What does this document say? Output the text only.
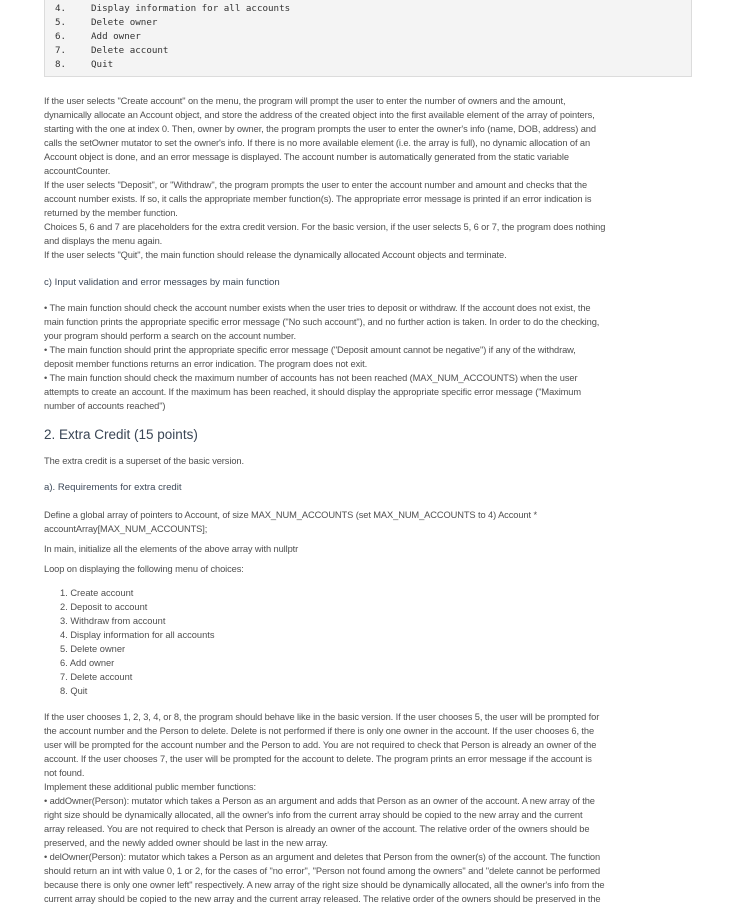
4.	Display information for all accounts
5.	Delete owner
6.	Add owner
7.	Delete account
8.	Quit
If the user selects "Create account" on the menu, the program will prompt the user to enter the number of owners and the amount,
dynamically allocate an Account object, and store the address of the created object into the first available element of the array of pointers,
starting with the one at index 0. Then, owner by owner, the program prompts the user to enter the owner's info (name, DOB, address) and
calls the setOwner mutator to set the owner's info. If there is no more available element (i.e. the array is full), no dynamic allocation of an
Account object is done, and an error message is displayed. The account number is automatically generated from the static variable
accountCounter.
If the user selects "Deposit", or "Withdraw", the program prompts the user to enter the account number and amount and checks that the
account number exists. If so, it calls the appropriate member function(s). The appropriate error message is printed if an error indication is
returned by the member function.
Choices 5, 6 and 7 are placeholders for the extra credit version. For the basic version, if the user selects 5, 6 or 7, the program does nothing
and displays the menu again.
If the user selects "Quit", the main function should release the dynamically allocated Account objects and terminate.

c) Input validation and error messages by main function

• The main function should check the account number exists when the user tries to deposit or withdraw. If the account does not exist, the
main function prints the appropriate specific error message ("No such account"), and no further action is taken. In order to do the checking,
your program should perform a search on the account number.
• The main function should print the appropriate specific error message ("Deposit amount cannot be negative") if any of the withdraw,
deposit member functions returns an error indication. The program does not exit.
• The main function should check the maximum number of accounts has not been reached (MAX_NUM_ACCOUNTS) when the user
attempts to create an account. If the maximum has been reached, it should display the appropriate specific error message ("Maximum
number of accounts reached")

2. Extra Credit (15 points)

The extra credit is a superset of the basic version.

a). Requirements for extra credit

Define a global array of pointers to Account, of size MAX_NUM_ACCOUNTS (set MAX_NUM_ACCOUNTS to 4) Account *
accountArray[MAX_NUM_ACCOUNTS];

In main, initialize all the elements of the above array with nullptr

Loop on displaying the following menu of choices:

1. Create account
2. Deposit to account
3. Withdraw from account
4. Display information for all accounts
5. Delete owner
6. Add owner
7. Delete account
8. Quit
If the user chooses 1, 2, 3, 4, or 8, the program should behave like in the basic version. If the user chooses 5, the user will be prompted for
the account number and the Person to delete. Delete is not performed if there is only one owner in the account. If the user chooses 6, the
user will be prompted for the account number and the Person to add. You are not required to check that Person is already an owner of the
account. If the user chooses 7, the user will be prompted for the account to delete. The program prints an error message if the account is
not found.
Implement these additional public member functions:
• addOwner(Person): mutator which takes a Person as an argument and adds that Person as an owner of the account. A new array of the
right size should be dynamically allocated, all the owner's info from the current array should be copied to the new array and the current
array released. You are not required to check that Person is already an owner of the account. The relative order of the owners should be
preserved, and the newly added owner should be last in the new array.
• delOwner(Person): mutator which takes a Person as an argument and deletes that Person from the owner(s) of the account. The function
should return an int with value 0, 1 or 2, for the cases of "no error", "Person not found among the owners" and "delete cannot be performed
because there is only one owner left" respectively. A new array of the right size should be dynamically allocated, all the owner's info from the
current array should be copied to the new array and the current array released. The relative order of the owners should be preserved in the
